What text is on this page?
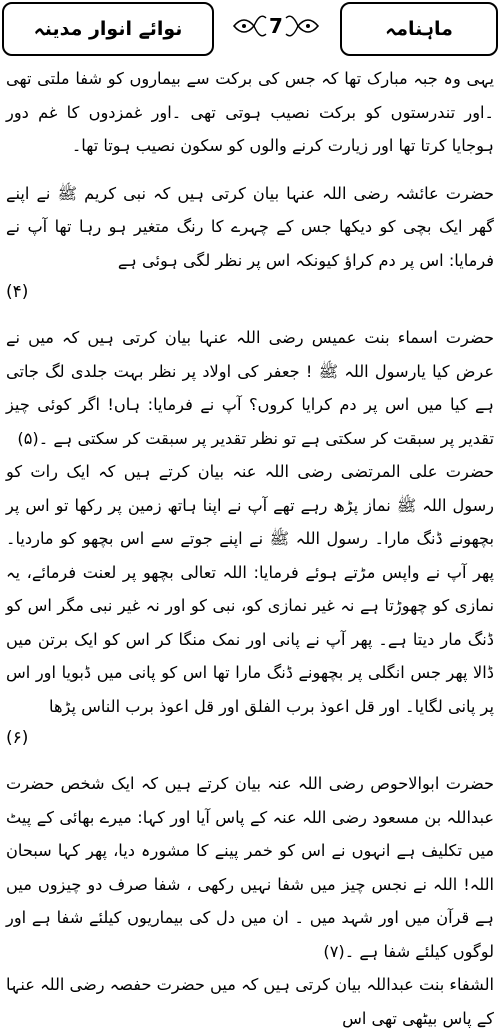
نوائے انوار مدینہ	7	ماہنامہ

یہی وہ جبہ مبارک تھا کہ جس کی برکت سے بیماروں کو شفا ملتی تھی ۔اور تندرستوں کو برکت نصیب ہوتی تھی ۔اور غمزدوں کا غم دور ہوجایا کرتا تھا اور زیارت کرنے والوں کو سکون نصیب ہوتا تھا۔

حضرت عائشہ رضی اللہ عنہا بیان کرتی ہیں کہ نبی کریم ﷺ نے اپنے گھر ایک بچی کو دیکھا جس کے چہرے کا رنگ متغیر ہو رہا تھا آپ نے فرمایا: اس پر دم کراؤ کیونکہ اس پر نظر لگی ہوئی ہے

(۴)

حضرت اسماء بنت عمیس رضی اللہ عنہا بیان کرتی ہیں کہ میں نے عرض کیا یارسول اللہ ﷺ ! جعفر کی اولاد پر نظر بہت جلدی لگ جاتی ہے کیا میں اس پر دم کرایا کروں؟ آپ نے فرمایا: ہاں! اگر کوئی چیز تقدیر پر سبقت کر سکتی ہے تو نظر تقدیر پر سبقت کر سکتی ہے ۔(۵)

حضرت علی المرتضی رضی اللہ عنہ بیان کرتے ہیں کہ ایک رات کو رسول اللہ ﷺ نماز پڑھ رہے تھے آپ نے اپنا ہاتھ زمین پر رکھا تو اس پر بچھونے ڈنگ مارا۔ رسول اللہ ﷺ نے اپنے جوتے سے اس بچھو کو ماردیا۔ پھر آپ نے واپس مڑتے ہوئے فرمایا: اللہ تعالی بچھو پر لعنت فرمائے، یہ نمازی کو چھوڑتا ہے نہ غیر نمازی کو، نبی کو اور نہ غیر نبی مگر اس کو ڈنگ مار دیتا ہے۔ پھر آپ نے پانی اور نمک منگا کر اس کو ایک برتن میں ڈالا پھر جس انگلی پر بچھونے ڈنگ مارا تھا اس کو پانی میں ڈبویا اور اس پر پانی لگایا۔ اور قل اعوذ برب الفلق اور قل اعوذ برب الناس پڑھا

(۶)

حضرت ابوالاحوص رضی اللہ عنہ بیان کرتے ہیں کہ ایک شخص حضرت عبداللہ بن مسعود رضی اللہ عنہ کے پاس آیا اور کہا: میرے بھائی کے پیٹ میں تکلیف ہے انہوں نے اس کو خمر پینے کا مشورہ دیا، پھر کہا سبحان اللہ! اللہ نے نجس چیز میں شفا نہیں رکھی ، شفا صرف دو چیزوں میں ہے قرآن میں اور شہد میں ۔ ان میں دل کی بیماریوں کیلئے شفا ہے اور لوگوں کیلئے شفا ہے ۔(۷)

الشفاء بنت عبداللہ بیان کرتی ہیں کہ میں حضرت حفصہ رضی اللہ عنہا کے پاس بیٹھی تھی اس
